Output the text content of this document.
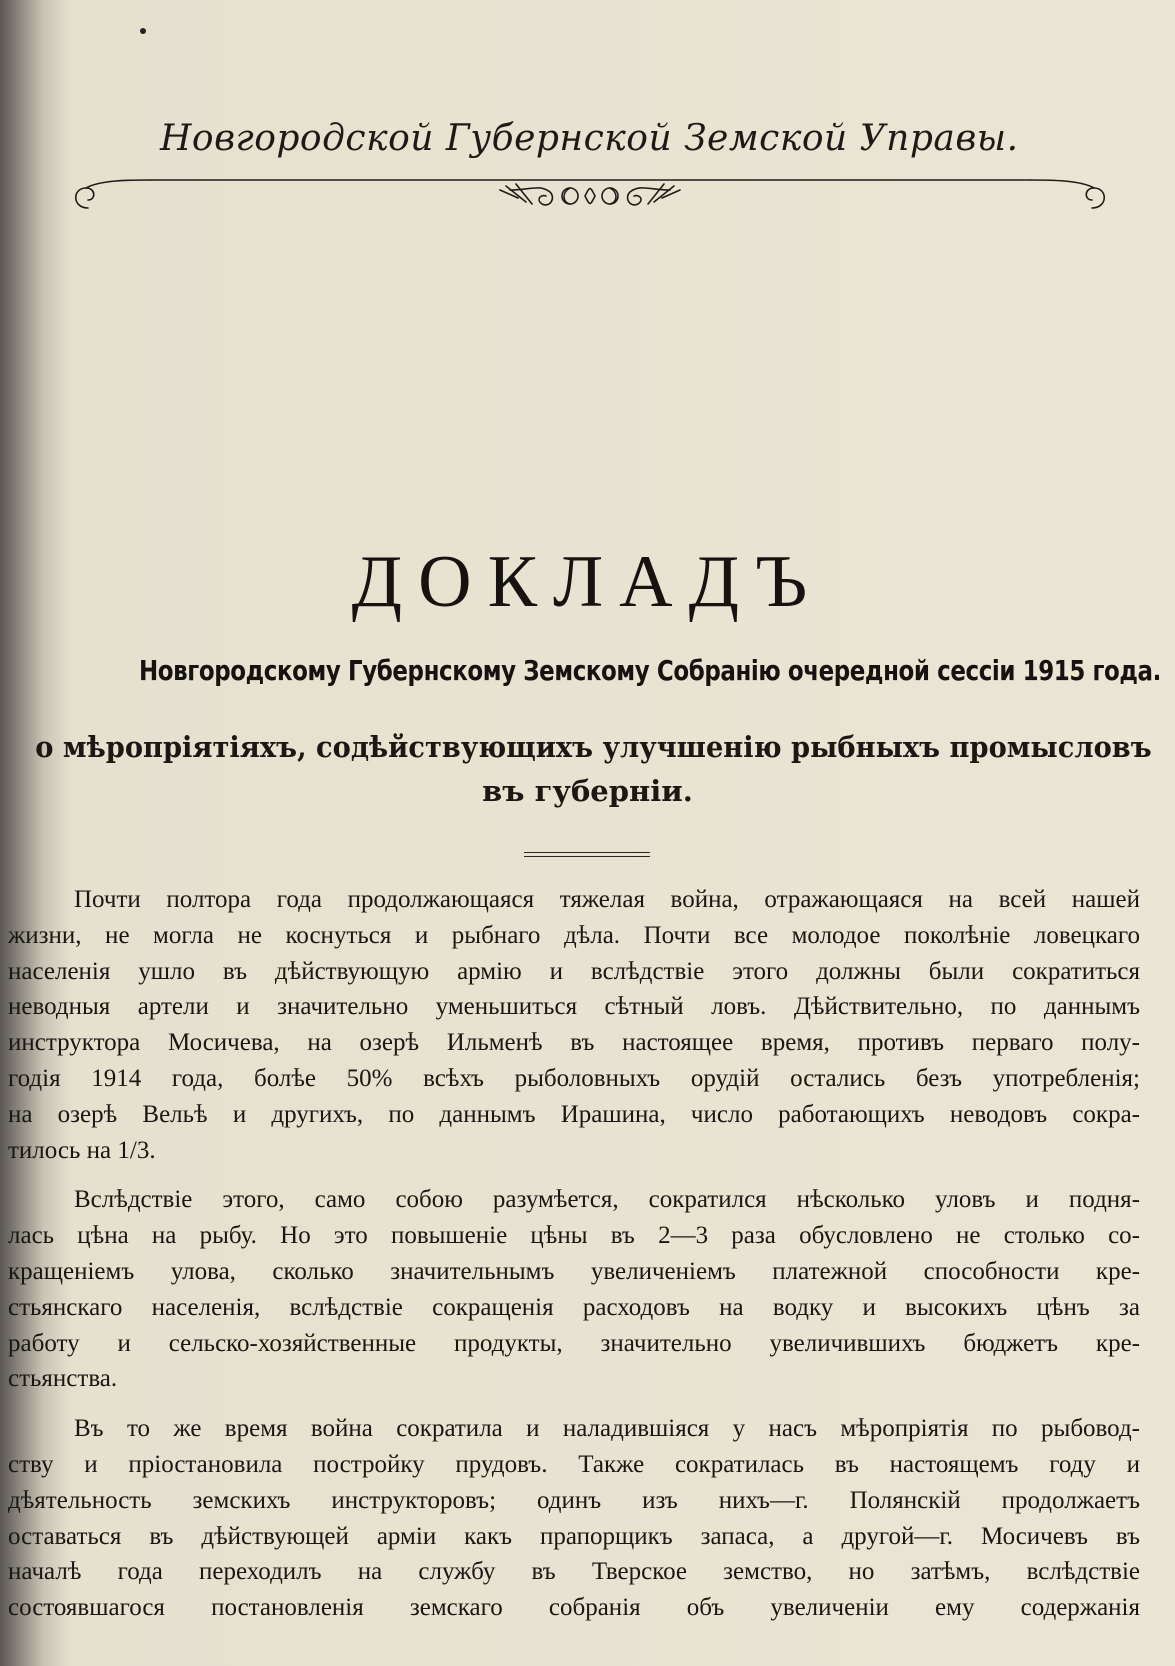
Новгородской Губернской Земской Управы.
ДОКЛАДЪ
Новгородскому Губернскому Земскому Собранію очередной сессіи 1915 года.
о мѣропріятіяхъ, содѣйствующихъ улучшенію рыбныхъ промысловъ
въ губерніи.

Почти полтора года продолжающаяся тяжелая война, отражающаяся на всей нашей
жизни, не могла не коснуться и рыбнаго дѣла. Почти все молодое поколѣніе ловецкаго
населенія ушло въ дѣйствующую армію и вслѣдствіе этого должны были сократиться
неводныя артели и значительно уменьшиться сѣтный ловъ. Дѣйствительно, по даннымъ
инструктора Мосичева, на озерѣ Ильменѣ въ настоящее время, противъ перваго полу-
годія 1914 года, болѣе 50% всѣхъ рыболовныхъ орудій остались безъ употребленія;
на озерѣ Вельѣ и другихъ, по даннымъ Ирашина, число работающихъ неводовъ сокра-
тилось на 1/3.

Вслѣдствіе этого, само собою разумѣется, сократился нѣсколько уловъ и подня-
лась цѣна на рыбу. Но это повышеніе цѣны въ 2—3 раза обусловлено не столько со-
кращеніемъ улова, сколько значительнымъ увеличеніемъ платежной способности кре-
стьянскаго населенія, вслѣдствіе сокращенія расходовъ на водку и высокихъ цѣнъ за
работу и сельско-хозяйственные продукты, значительно увеличившихъ бюджетъ кре-
стьянства.

Въ то же время война сократила и наладившіяся у насъ мѣропріятія по рыбовод-
ству и пріостановила постройку прудовъ. Также сократилась въ настоящемъ году и
дѣятельность земскихъ инструкторовъ; одинъ изъ нихъ—г. Полянскій продолжаетъ
оставаться въ дѣйствующей арміи какъ прапорщикъ запаса, а другой—г. Мосичевъ въ
началѣ года переходилъ на службу въ Тверское земство, но затѣмъ, вслѣдствіе
состоявшагося постановленія земскаго собранія объ увеличеніи ему содержанія
